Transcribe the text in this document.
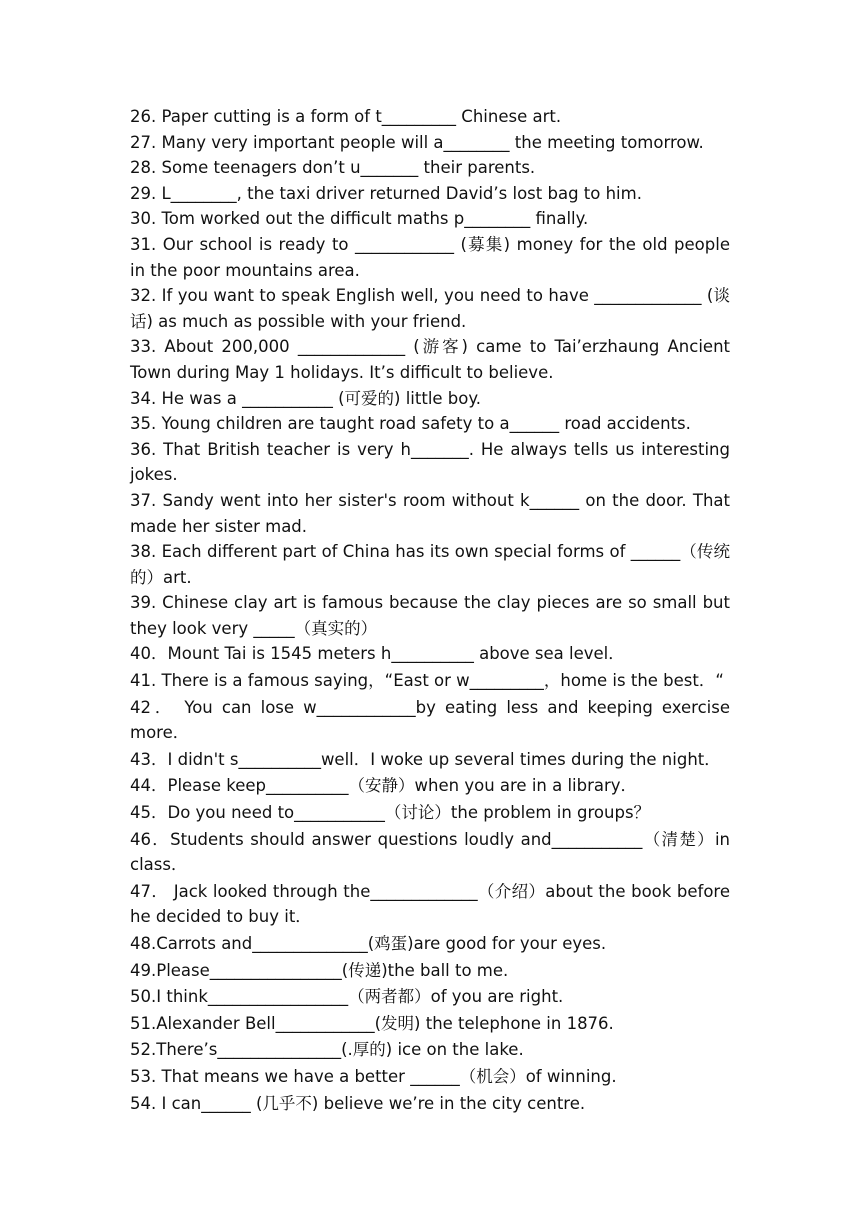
26. Paper cutting is a form of t_________ Chinese art.

27. Many very important people will a________ the meeting tomorrow.

28. Some teenagers don’t u_______ their parents.

29. L________, the taxi driver returned David’s lost bag to him.

30. Tom worked out the difficult maths p________ finally.

31. Our school is ready to ____________ (募集) money for the old people in the poor mountains area.

32. If you want to speak English well, you need to have _____________ (谈话) as much as possible with your friend.

33. About 200,000 _____________ (游客) came to Tai’erzhaung Ancient Town during May 1 holidays. It’s difficult to believe.

34. He was a ___________ (可爱的) little boy.

35. Young children are taught road safety to a______ road accidents.

36. That British teacher is very h_______. He always tells us interesting jokes.

37. Sandy went into her sister's room without k______ on the door. That made her sister mad.

38. Each different part of China has its own special forms of ______（传统的）art.

39. Chinese clay art is famous because the clay pieces are so small but they look very _____（真实的）

40．Mount Tai is 1545 meters h__________ above sea level．

41. There is a famous saying，“East or w_________，home is the best．“

42． You can lose w____________by eating less and keeping exercise more．

43．I didn't s__________well．I woke up several times during the night．

44．Please keep__________（安静）when you are in a library．

45．Do you need to___________（讨论）the problem in groups？

46．Students should answer questions loudly and___________（清楚）in class．

47． Jack looked through the_____________（介绍）about the book before he decided to buy it．

48.Carrots and______________(鸡蛋)are good for your eyes.

49.Please________________(传递)the ball to me.

50.I think_________________（两者都）of you are right.

51.Alexander Bell____________(发明) the telephone in 1876.

52.There’s_______________(.厚的) ice on the lake.

53. That means we have a better ______（机会）of winning.

54. I can______ (几乎不) believe we’re in the city centre.
